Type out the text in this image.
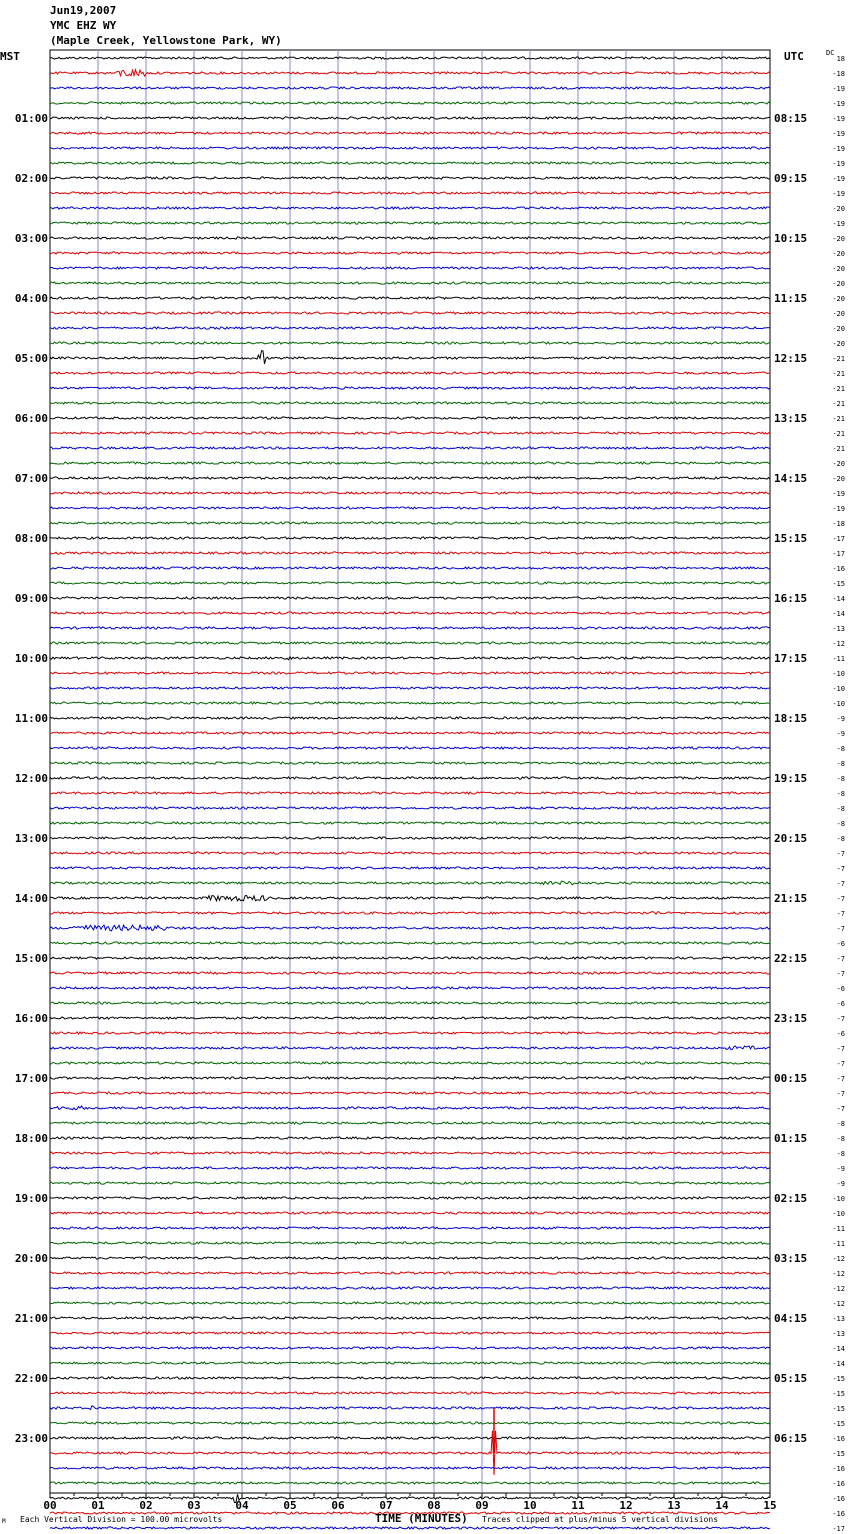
Jun19,2007
YMC EHZ WY
(Maple Creek, Yellowstone Park, WY)
MST	UTC	DC
00	01	02	03	04	05	06	07	08	09	10	11	12	13	14	15
18
-18
-19
-19
-19
-19
-19
-19
-19
-19
-20
-19
-20
-20
-20
-20
-20
-20
-20
-20
-21
-21
-21
-21
-21
-21
-21
-20
-20
-19
-19
-18
-17
-17
-16
-15
-14
-14
-13
-12
-11
-10
-10
-10
-9
-9
-8
-8
-8
-8
-8
-8
-8
-7
-7
-7
-7
-7
-7
-6
-7
-7
-6
-6
-7
-6
-7
-7
-7
-7
-7
-8
-8
-8
-9
-9
-10
-10
-11
-11
-12
-12
-12
-12
-13
-13
-14
-14
-15
-15
-15
-15
-16
-15
-16
-16
-16
-16
-17
01:00	08:15
02:00	09:15
03:00	10:15
04:00	11:15
05:00	12:15
06:00	13:15
07:00	14:15
08:00	15:15
09:00	16:15
10:00	17:15
11:00	18:15
12:00	19:15
13:00	20:15
14:00	21:15
15:00	22:15
16:00	23:15
17:00	00:15
18:00	01:15
19:00	02:15
20:00	03:15
21:00	04:15
22:00	05:15
23:00	06:15
TIME (MINUTES)
M Each Vertical Division = 100.00 microvolts	Traces clipped at plus/minus 5 vertical divisions
